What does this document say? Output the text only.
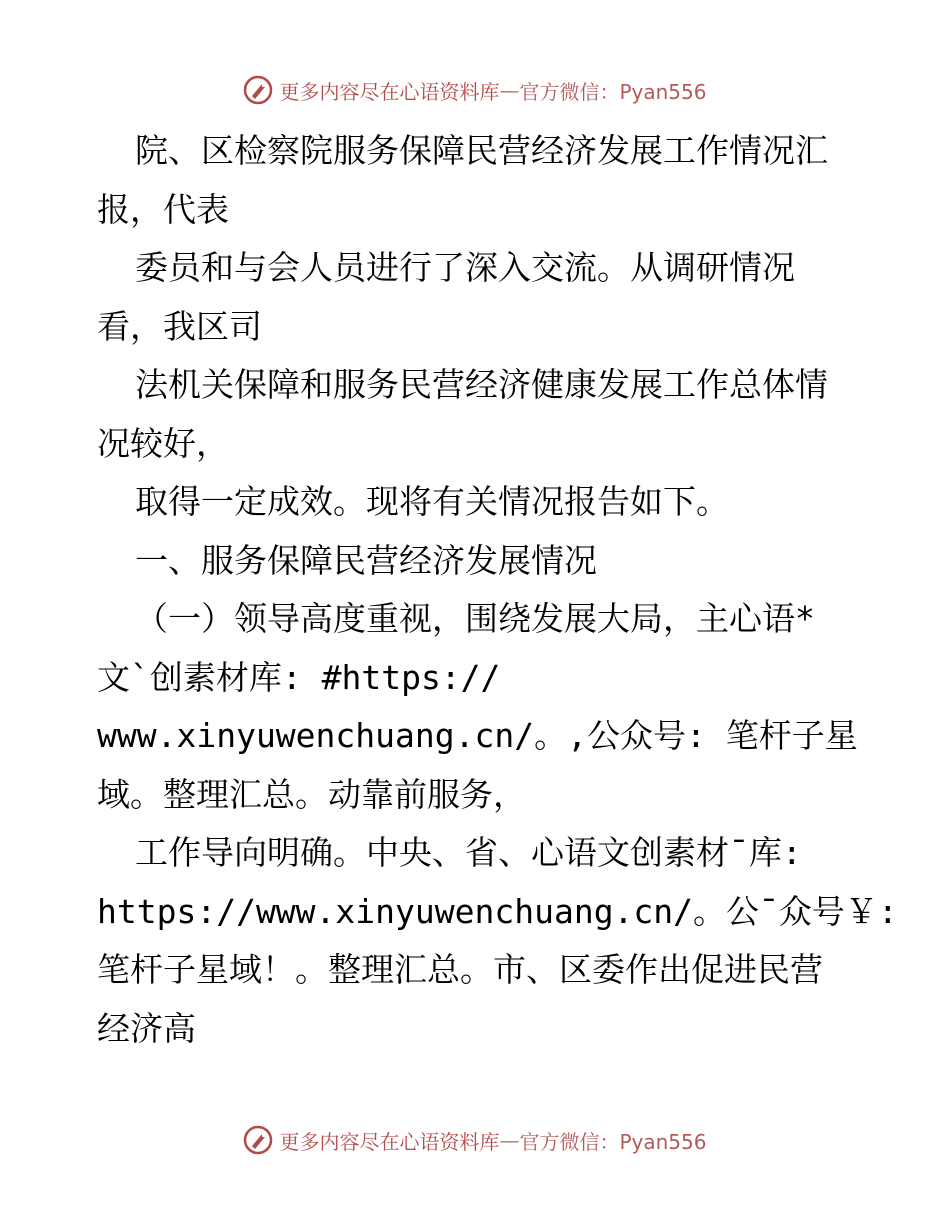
更多内容尽在心语资料库 — 官方微信：Pyan556
院、区检察院服务保障民营经济发展工作情况汇
报，代表
委员和与会人员进行了深入交流。从调研情况
看，我区司
法机关保障和服务民营经济健康发展工作总体情
况较好，
取得一定成效。现将有关情况报告如下。
一、服务保障民营经济发展情况
（一）领导高度重视，围绕发展大局，主心语*
文`创素材库: #https://
www.xinyuwenchuang.cn/。,公众号: 笔杆子星
域。整理汇总。动靠前服务，
工作导向明确。中央、省、心语文创素材¯库:
https://www.xinyuwenchuang.cn/。公¯众号￥:
笔杆子星域！。整理汇总。市、区委作出促进民营
经济高
更多内容尽在心语资料库 — 官方微信：Pyan556
